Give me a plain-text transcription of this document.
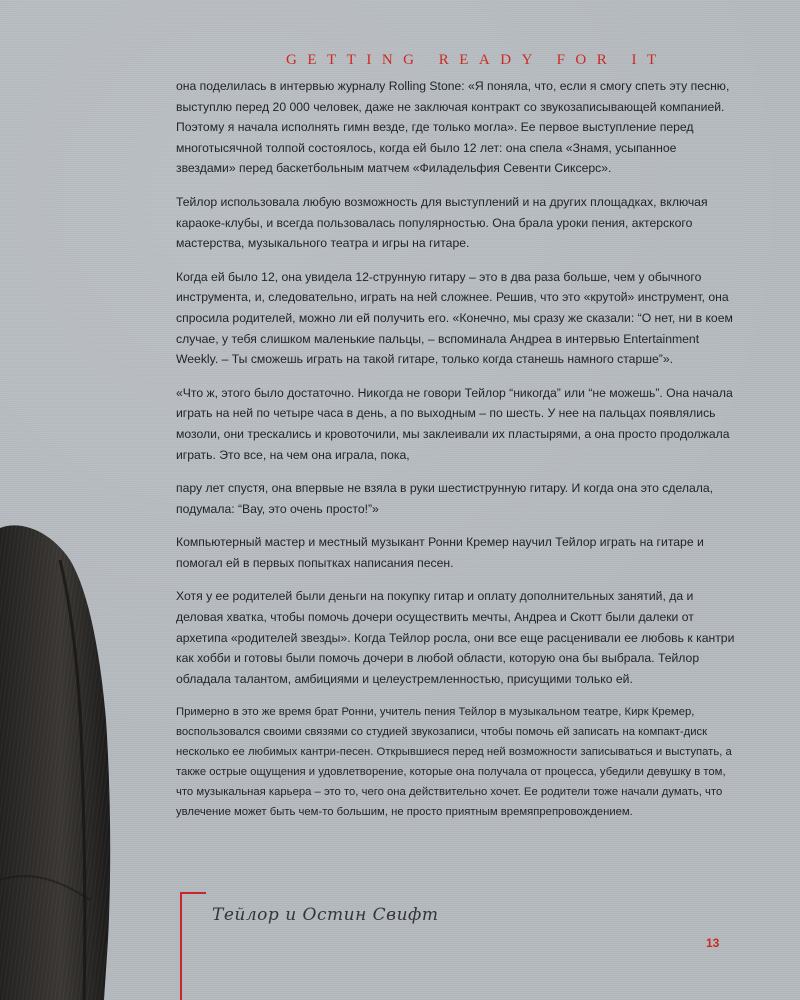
GETTING READY FOR IT

она поделилась в интервью журналу Rolling Stone: «Я поняла, что, если я смогу спеть эту песню, выступлю перед 20 000 человек, даже не заключая контракт со звукозаписывающей компанией. Поэтому я начала исполнять гимн везде, где только могла». Ее первое выступление перед многотысячной толпой состоялось, когда ей было 12 лет: она спела «Знамя, усыпанное звездами» перед баскетбольным матчем «Филадельфия Севенти Сиксерс».

Тейлор использовала любую возможность для выступлений и на других площадках, включая караоке-клубы, и всегда пользовалась популярностью. Она брала уроки пения, актерского мастерства, музыкального театра и игры на гитаре.

Когда ей было 12, она увидела 12-струнную гитару – это в два раза больше, чем у обычного инструмента, и, следовательно, играть на ней сложнее. Решив, что это «крутой» инструмент, она спросила родителей, можно ли ей получить его. «Конечно, мы сразу же сказали: “О нет, ни в коем случае, у тебя слишком маленькие пальцы, – вспоминала Андреа в интервью Entertainment Weekly. – Ты сможешь играть на такой гитаре, только когда станешь намного старше”».

«Что ж, этого было достаточно. Никогда не говори Тейлор “никогда” или “не можешь”. Она начала играть на ней по четыре часа в день, а по выходным – по шесть. У нее на пальцах появлялись мозоли, они трескались и кровоточили, мы заклеивали их пластырями, а она просто продолжала играть. Это все, на чем она играла, пока,

пару лет спустя, она впервые не взяла в руки шестиструнную гитару. И когда она это сделала, подумала: “Вау, это очень просто!”»

Компьютерный мастер и местный музыкант Ронни Кремер научил Тейлор играть на гитаре и помогал ей в первых попытках написания песен.

Хотя у ее родителей были деньги на покупку гитар и оплату дополнительных занятий, да и деловая хватка, чтобы помочь дочери осуществить мечты, Андреа и Скотт были далеки от архетипа «родителей звезды». Когда Тейлор росла, они все еще расценивали ее любовь к кантри как хобби и готовы были помочь дочери в любой области, которую она бы выбрала. Тейлор обладала талантом, амбициями и целеустремленностью, присущими только ей.

Примерно в это же время брат Ронни, учитель пения Тейлор в музыкальном театре, Кирк Кремер, воспользовался своими связями со студией звукозаписи, чтобы помочь ей записать на компакт-диск несколько ее любимых кантри-песен. Открывшиеся перед ней возможности записываться и выступать, а также острые ощущения и удовлетворение, которые она получала от процесса, убедили девушку в том, что музыкальная карьера – это то, чего она действительно хочет. Ее родители тоже начали думать, что увлечение может быть чем-то большим, не просто приятным времяпрепровождением.

Тейлор и Остин Свифт
13
